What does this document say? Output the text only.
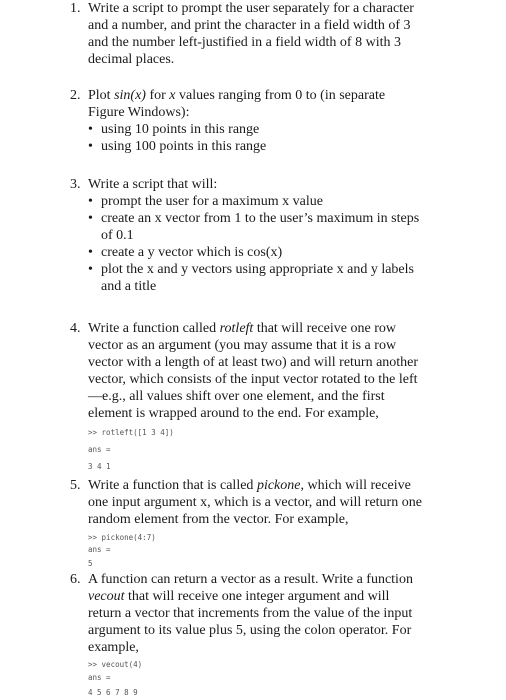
1. Write a script to prompt the user separately for a character
and a number, and print the character in a field width of 3
and the number left-justified in a field width of 8 with 3
decimal places.
2. Plot sin(x) for x values ranging from 0 to (in separate
Figure Windows):
• using 10 points in this range
• using 100 points in this range
3. Write a script that will:
• prompt the user for a maximum x value
• create an x vector from 1 to the user’s maximum in steps
of 0.1
• create a y vector which is cos(x)
• plot the x and y vectors using appropriate x and y labels
and a title
4. Write a function called rotleft that will receive one row
vector as an argument (you may assume that it is a row
vector with a length of at least two) and will return another
vector, which consists of the input vector rotated to the left
—e.g., all values shift over one element, and the first
element is wrapped around to the end. For example,
>> rotleft([1 3 4])
ans =
3 4 1
5. Write a function that is called pickone, which will receive
one input argument x, which is a vector, and will return one
random element from the vector. For example,
>> pickone(4:7)
ans =
5
6. A function can return a vector as a result. Write a function
vecout that will receive one integer argument and will
return a vector that increments from the value of the input
argument to its value plus 5, using the colon operator. For
example,
>> vecout(4)
ans =
4 5 6 7 8 9
